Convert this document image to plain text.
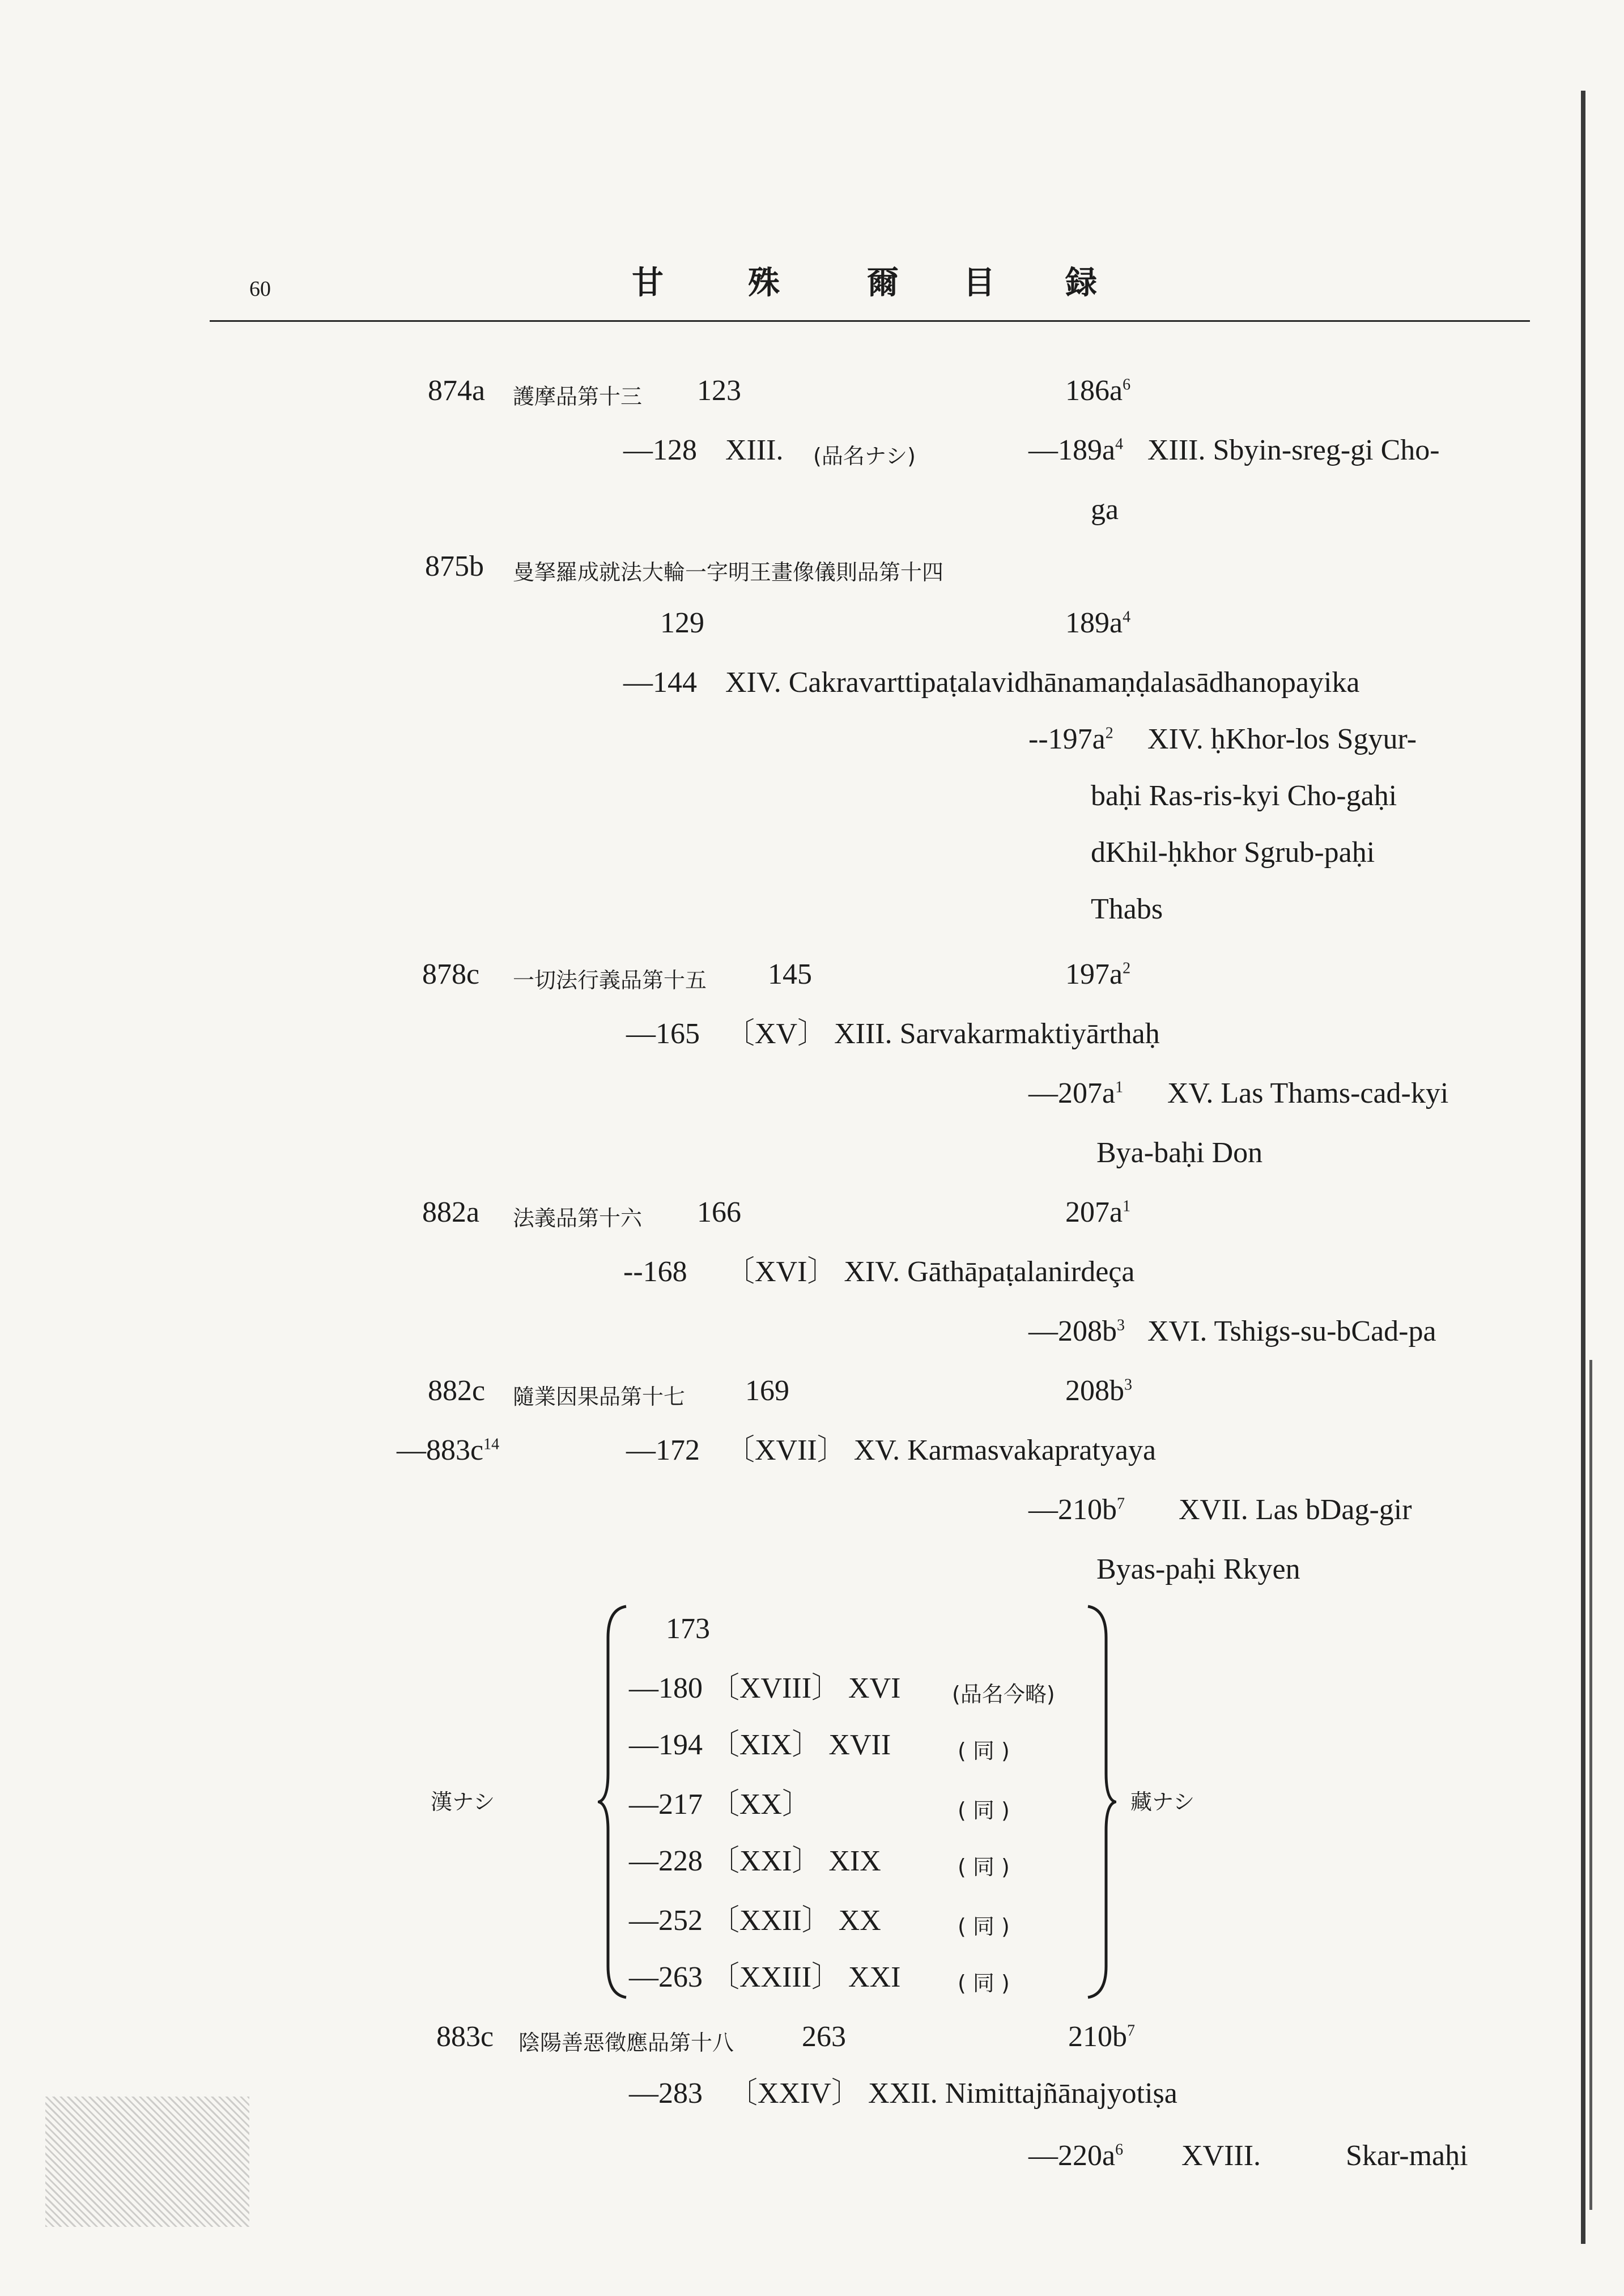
60	甘	殊	爾 目 録
874a 護摩品第十三 123	$186a^6$
—128 XIII. (品名ナシ)	$—189a^4$ XIII. Sbyin-sreg-gi Cho-
ga
875b 曼拏羅成就法大輪一字明王畫像儀則品第十四
129	$189a^4$
—144 XIV. Cakravarttipaṭalavidhānamaṇḍalasādhanopayika
$--197a^2$ XIV. ḥKhor-los Sgyur-
baḥi Ras-ris-kyi Cho-gaḥi
dKhil-ḥkhor Sgrub-paḥi
Thabs
878c 一切法行義品第十五 145	$197a^2$
—165 〔XV〕 XIII. Sarvakarmaktiyārthaḥ
$—207a^1$ XV. Las Thams-cad-kyi
Bya-baḥi Don
882a 法義品第十六 166	$207a^1$
--168 〔XVI〕 XIV. Gāthāpaṭalanirdeça
$—208b^3$ XVI. Tshigs-su-bCad-pa
882c 隨業因果品第十七 169	$208b^3$
$—883c^{14}$	—172 〔XVII〕 XV. Karmasvakapratyaya
$—210b^7$ XVII. Las bDag-gir
Byas-paḥi Rkyen
漢ナシ
173
—180 〔XVIII〕 XVI (品名今略)
—194 〔XIX〕 XVII	( 同 )
—217 〔XX〕	( 同 )
—228 〔XXI〕 XIX	( 同 )
—252 〔XXII〕 XX	( 同 )
—263 〔XXIII〕 XXI	( 同 )
藏ナシ
883c 陰陽善惡徵應品第十八 263	$210b^7$
—283 〔XXIV〕 XXII. Nimittajñānajyotiṣa
$—220a^6$ XVIII.	Skar-maḥi
